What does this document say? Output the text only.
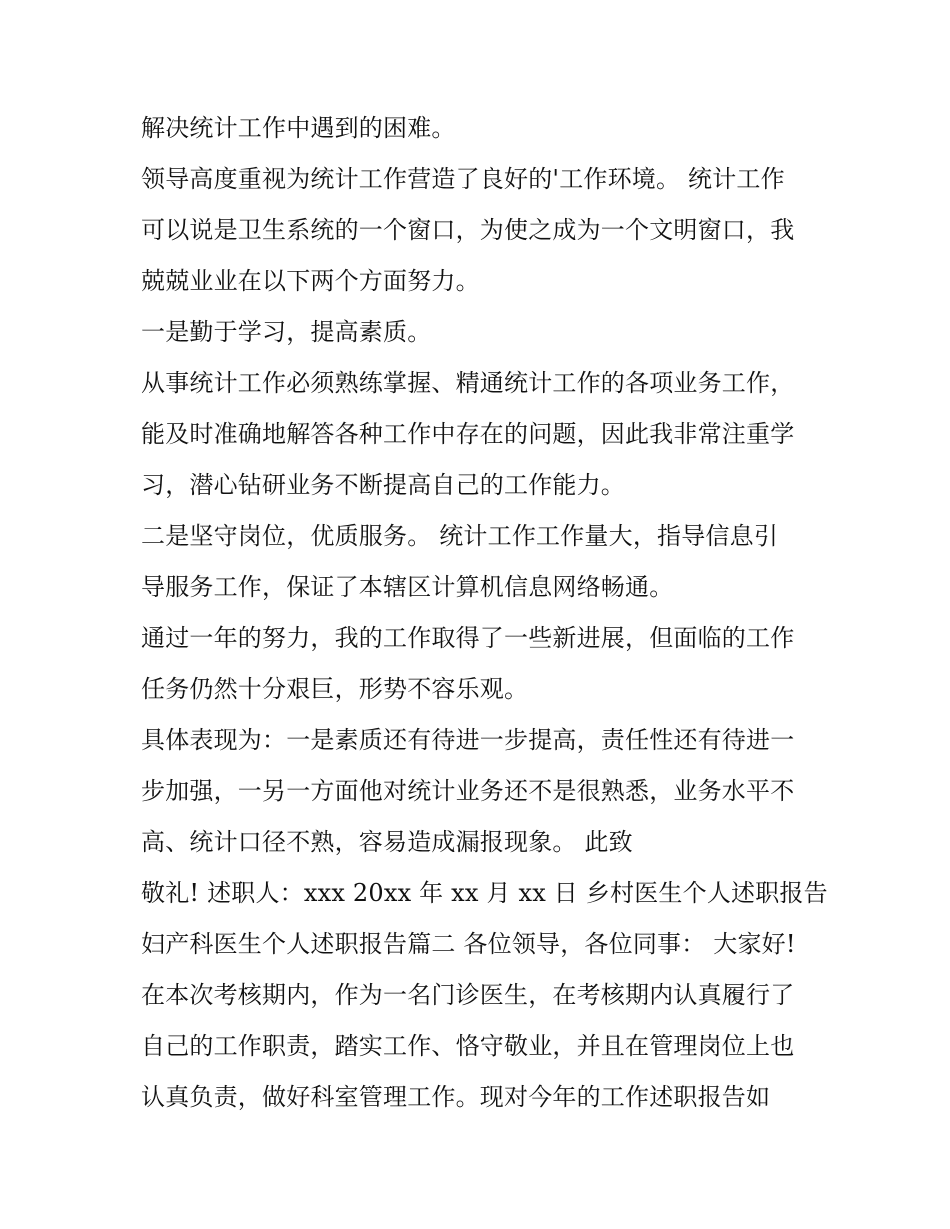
解决统计工作中遇到的困难。
领导高度重视为统计工作营造了良好的'工作环境。 统计工作
可以说是卫生系统的一个窗口，为使之成为一个文明窗口，我
兢兢业业在以下两个方面努力。
一是勤于学习，提高素质。
从事统计工作必须熟练掌握、精通统计工作的各项业务工作，
能及时准确地解答各种工作中存在的问题，因此我非常注重学
习，潜心钻研业务不断提高自己的工作能力。
二是坚守岗位，优质服务。 统计工作工作量大，指导信息引
导服务工作，保证了本辖区计算机信息网络畅通。
通过一年的努力，我的工作取得了一些新进展，但面临的工作
任务仍然十分艰巨，形势不容乐观。
具体表现为：一是素质还有待进一步提高，责任性还有待进一
步加强，一另一方面他对统计业务还不是很熟悉，业务水平不
高、统计口径不熟，容易造成漏报现象。 此致
敬礼! 述职人：xxx 20xx 年 xx 月 xx 日 乡村医生个人述职报告
妇产科医生个人述职报告篇二 各位领导，各位同事： 大家好!
在本次考核期内，作为一名门诊医生，在考核期内认真履行了
自己的工作职责，踏实工作、恪守敬业，并且在管理岗位上也
认真负责，做好科室管理工作。现对今年的工作述职报告如
